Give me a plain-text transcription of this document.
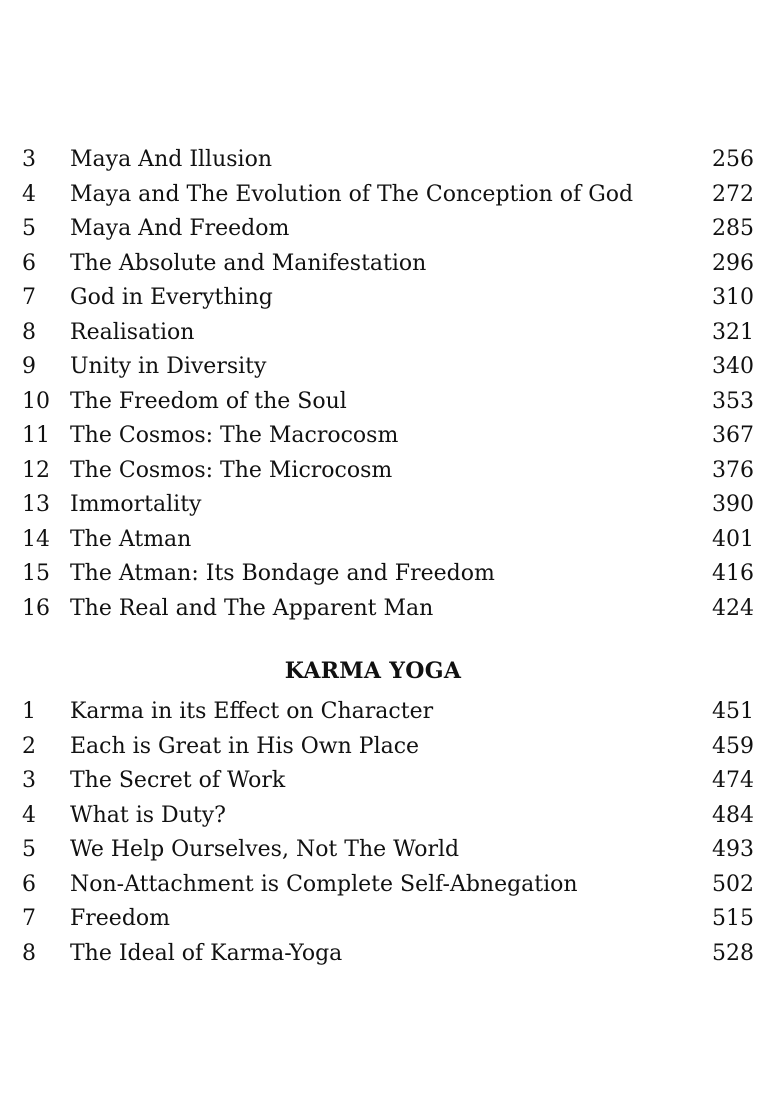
3	Maya And Illusion	256
4	Maya and The Evolution of The Conception of God	272
5	Maya And Freedom	285
6	The Absolute and Manifestation	296
7	God in Everything	310
8	Realisation	321
9	Unity in Diversity	340
10 The Freedom of the Soul	353
11 The Cosmos: The Macrocosm	367
12 The Cosmos: The Microcosm	376
13 Immortality	390
14 The Atman	401
15 The Atman: Its Bondage and Freedom	416
16 The Real and The Apparent Man	424
KARMA YOGA
1	Karma in its Effect on Character	451
2	Each is Great in His Own Place	459
3	The Secret of Work	474
4	What is Duty?	484
5	We Help Ourselves, Not The World	493
6	Non-Attachment is Complete Self-Abnegation	502
7	Freedom	515
8	The Ideal of Karma-Yoga	528
